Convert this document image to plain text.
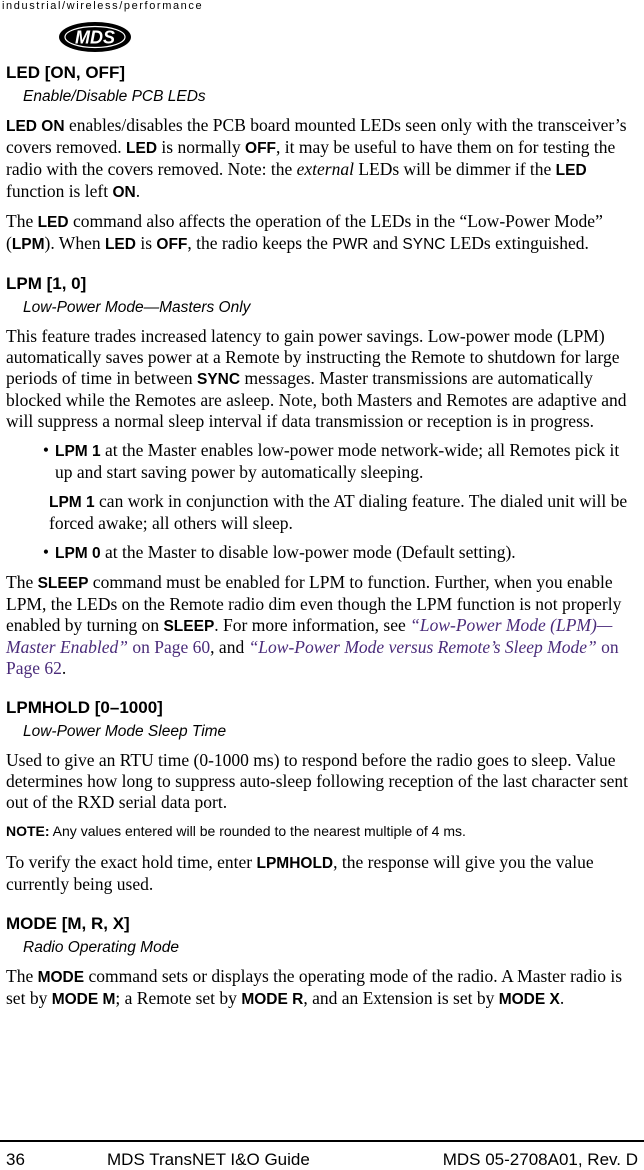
industrial/wireless/performance
MDS
LED [ON, OFF]
Enable/Disable PCB LEDs

LED ON enables/disables the PCB board mounted LEDs seen only with the transceiver’s covers removed. LED is normally OFF, it may be useful to have them on for testing the radio with the covers removed. Note: the external LEDs will be dimmer if the LED function is left ON.

The LED command also affects the operation of the LEDs in the “Low-Power Mode” (LPM). When LED is OFF, the radio keeps the PWR and SYNC LEDs extinguished.

LPM [1, 0]
Low-Power Mode—Masters Only

This feature trades increased latency to gain power savings. Low-power mode (LPM) automatically saves power at a Remote by instructing the Remote to shutdown for large periods of time in between SYNC messages. Master transmissions are automatically blocked while the Remotes are asleep. Note, both Masters and Remotes are adaptive and will suppress a normal sleep interval if data transmission or reception is in progress.

• LPM 1 at the Master enables low-power mode network-wide; all Remotes pick it up and start saving power by automatically sleeping.

LPM 1 can work in conjunction with the AT dialing feature. The dialed unit will be forced awake; all others will sleep.

• LPM 0 at the Master to disable low-power mode (Default setting).

The SLEEP command must be enabled for LPM to function. Further, when you enable LPM, the LEDs on the Remote radio dim even though the LPM function is not properly enabled by turning on SLEEP. For more information, see “Low-Power Mode (LPM)—Master Enabled” on Page 60, and “Low-Power Mode versus Remote’s Sleep Mode” on Page 62.

LPMHOLD [0–1000]
Low-Power Mode Sleep Time

Used to give an RTU time (0-1000 ms) to respond before the radio goes to sleep. Value determines how long to suppress auto-sleep following reception of the last character sent out of the RXD serial data port.

NOTE: Any values entered will be rounded to the nearest multiple of 4 ms.

To verify the exact hold time, enter LPMHOLD, the response will give you the value currently being used.

MODE [M, R, X]
Radio Operating Mode

The MODE command sets or displays the operating mode of the radio. A Master radio is set by MODE M; a Remote set by MODE R, and an Extension is set by MODE X.

36	MDS TransNET I&O Guide	MDS 05-2708A01, Rev. D
